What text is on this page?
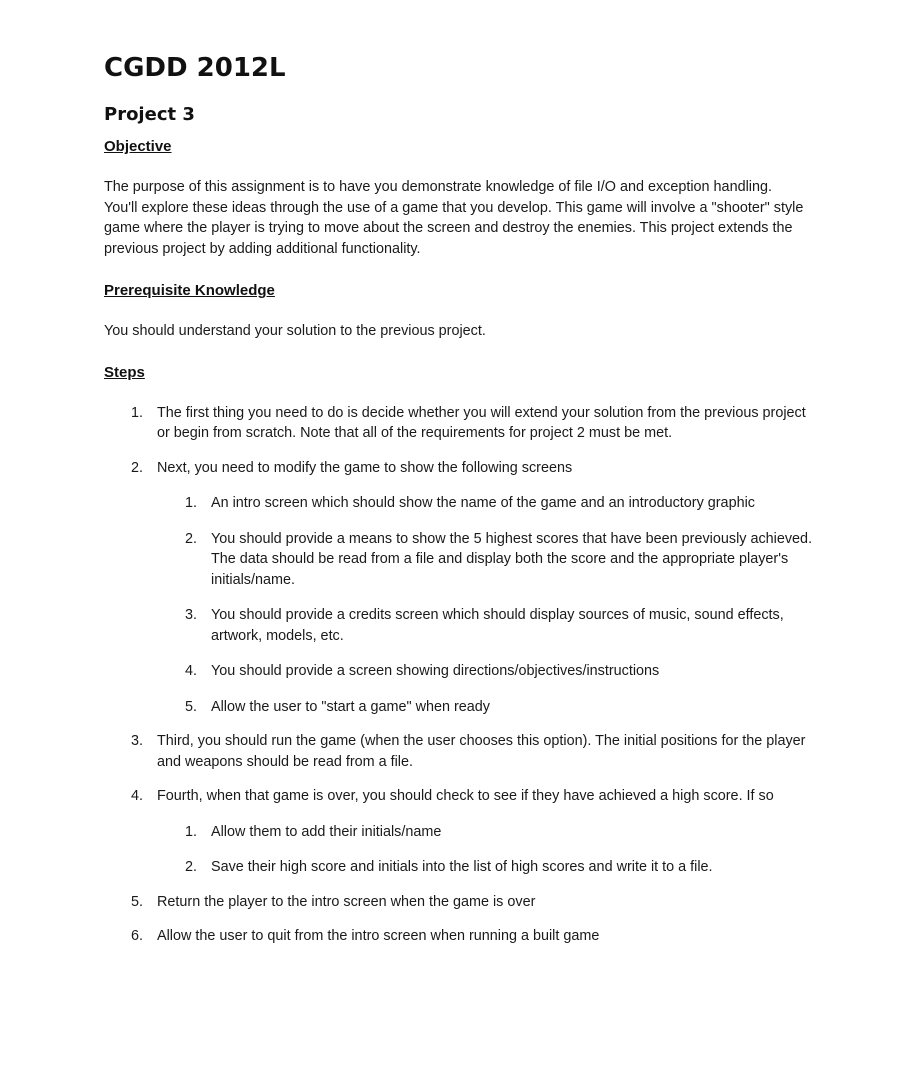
CGDD 2012L
Project 3
Objective

The purpose of this assignment is to have you demonstrate knowledge of file I/O and exception handling.

You'll explore these ideas through the use of a game that you develop. This game will involve a "shooter" style game where the player is trying to move about the screen and destroy the enemies. This project extends the previous project by adding additional functionality.

Prerequisite Knowledge

You should understand your solution to the previous project.

Steps
1. The first thing you need to do is decide whether you will extend your solution from the previous project or begin from scratch. Note that all of the requirements for project 2 must be met.
2. Next, you need to modify the game to show the following screens
1. An intro screen which should show the name of the game and an introductory graphic
2. You should provide a means to show the 5 highest scores that have been previously achieved. The data should be read from a file and display both the score and the appropriate player's initials/name.
3. You should provide a credits screen which should display sources of music, sound effects, artwork, models, etc.
4. You should provide a screen showing directions/objectives/instructions
5. Allow the user to "start a game" when ready
3. Third, you should run the game (when the user chooses this option). The initial positions for the player and weapons should be read from a file.
4. Fourth, when that game is over, you should check to see if they have achieved a high score. If so
1. Allow them to add their initials/name
2. Save their high score and initials into the list of high scores and write it to a file.
5. Return the player to the intro screen when the game is over
6. Allow the user to quit from the intro screen when running a built game
